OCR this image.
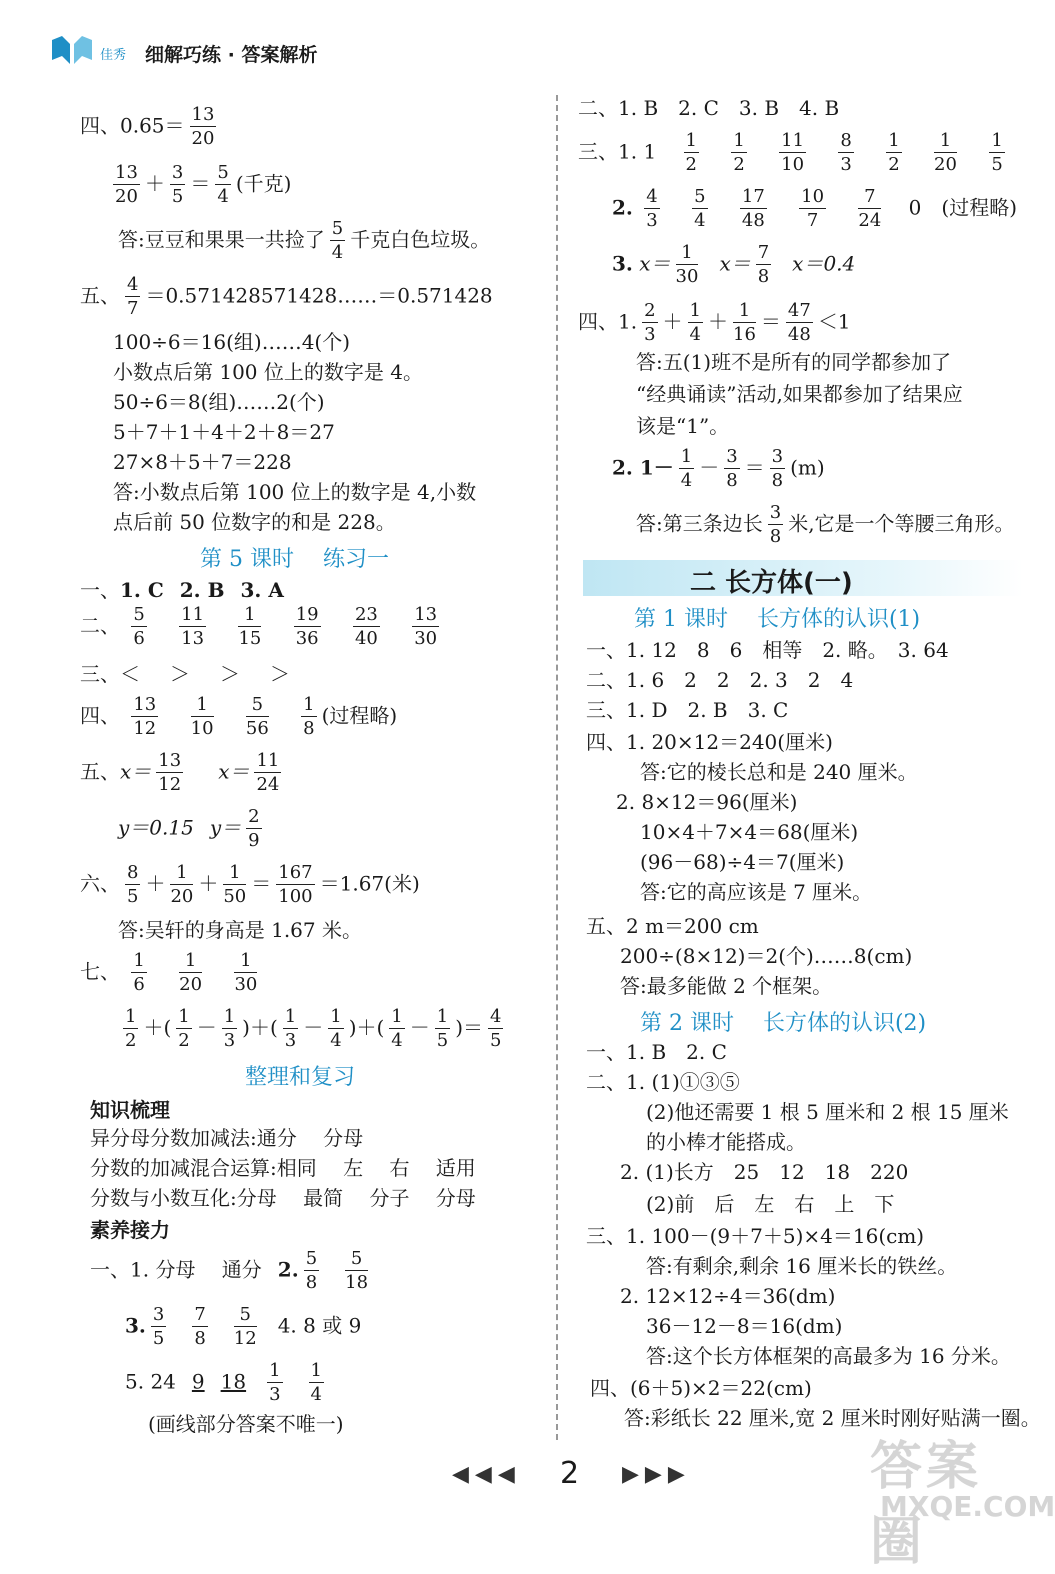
佳秀 细解巧练 · 答案解析
四、$0.65= \frac{13}{20}$
$\frac{13}{20} + \frac{3}{5} = \frac{5}{4}$ (千克)
答:豆豆和果果一共捡了 $\frac{5}{4}$ 千克白色垃圾。
五、 $\frac{4}{7}$ ＝0.571428571428……＝0.571428
100÷6＝16(组)……4(个)
小数点后第 100 位上的数字是 4。
50÷6＝8(组)……2(个)
5＋7＋1＋4＋2＋8＝27
27×8＋5＋7＝228
答:小数点后第 100 位上的数字是 4,小数
点后前 50 位数字的和是 228。
第 5 课时　 练习一
一、1. C 2. B 3. A
二、 $\frac{5}{6}$
$\frac{11}{13}$
$\frac{1}{15}$
$\frac{19}{36}$
$\frac{23}{40}$
$\frac{13}{30}$
三、＜ ＞ ＞ ＞
四、 $\frac{13}{12}$
$\frac{1}{10}$
$\frac{5}{56}$
$\frac{1}{8}$ (过程略)
五、$x= \frac{13}{12} x= \frac{11}{24}$
y＝0.15 $y= \frac{2}{9}$
六、 $\frac{8}{5} + \frac{1}{20} + \frac{1}{50} = \frac{167}{100} =1.67$(米)
答:吴轩的身高是 1.67 米。
七、 $\frac{1}{6}$
$\frac{1}{20}$
$\frac{1}{30}$
$\frac{1}{2}$ ＋( $\frac{1}{2} - \frac{1}{3}$ )＋( $\frac{1}{3} - \frac{1}{4}$ )＋( $\frac{1}{4} - \frac{1}{5}$ )＝ $\frac{4}{5}$
整理和复习
知识梳理
异分母分数加减法:通分　 分母
分数的加减混合运算:相同　 左　 右　 适用
分数与小数互化:分母　 最简　 分子　 分母
素养接力
一、1. 分母　 通分 2. $\frac{5}{8} \frac{5}{18}$
3. $\frac{3}{5} \frac{7}{8} \frac{5}{12} 4$. 8 或 9
5. 24 9 $18 \frac{1}{3} \frac{1}{4}$
(画线部分答案不唯一)
二、1. B　2. C　3. B　4. B
三、1. $1 \frac{1}{2}$
$\frac{1}{2}$
$\frac{11}{10}$
$\frac{8}{3}$
$\frac{1}{2}$
$\frac{1}{20}$
$\frac{1}{5}$
2. $\frac{4}{3}$
$\frac{5}{4}$
$\frac{17}{48}$
$\frac{10}{7}$
$\frac{7}{24} 0$　(过程略)
3. $x= \frac{1}{30} x= \frac{7}{8} x=0.4$
四、1. $\frac{2}{3} + \frac{1}{4} + \frac{1}{16} = \frac{47}{48} <1$
答:五(1)班不是所有的同学都参加了
“经典诵读”活动,如果都参加了结果应
该是“1”。
2. $1- \frac{1}{4} - \frac{3}{8} = \frac{3}{8} (m)$
答:第三条边长 $\frac{3}{8}$ 米,它是一个等腰三角形。
二 长方体(一)
第 1 课时　 长方体的认识(1)
一、1. 12　8　6　相等　2. 略。　3. 64
二、1. 6　2　2　2. 3　2　4
三、1. D　2. B　3. C
四、1. 20×12＝240(厘米)
答:它的棱长总和是 240 厘米。
2. 8×12＝96(厘米)
10×4＋7×4＝68(厘米)
(96－68)÷4＝7(厘米)
答:它的高应该是 7 厘米。
五、2 m＝200 cm
200÷(8×12)＝2(个)……8(cm)
答:最多能做 2 个框架。
第 2 课时　 长方体的认识(2)
一、1. B　2. C
二、1. (1)①③⑤
(2)他还需要 1 根 5 厘米和 2 根 15 厘米
的小棒才能搭成。
2. (1)长方　25　12　18　220
(2)前　后　左　右　上　下
三、1. 100－(9＋7＋5)×4＝16(cm)
答:有剩余,剩余 16 厘米长的铁丝。
2. 12×12÷4＝36(dm)
36－12－8＝16(dm)
答:这个长方体框架的高最多为 16 分米。
四、(6＋5)×2＝22(cm)
答:彩纸长 22 厘米,宽 2 厘米时刚好贴满一圈。
◀◀◀ 2 ▶▶▶	答案圈
MXQE.COM
